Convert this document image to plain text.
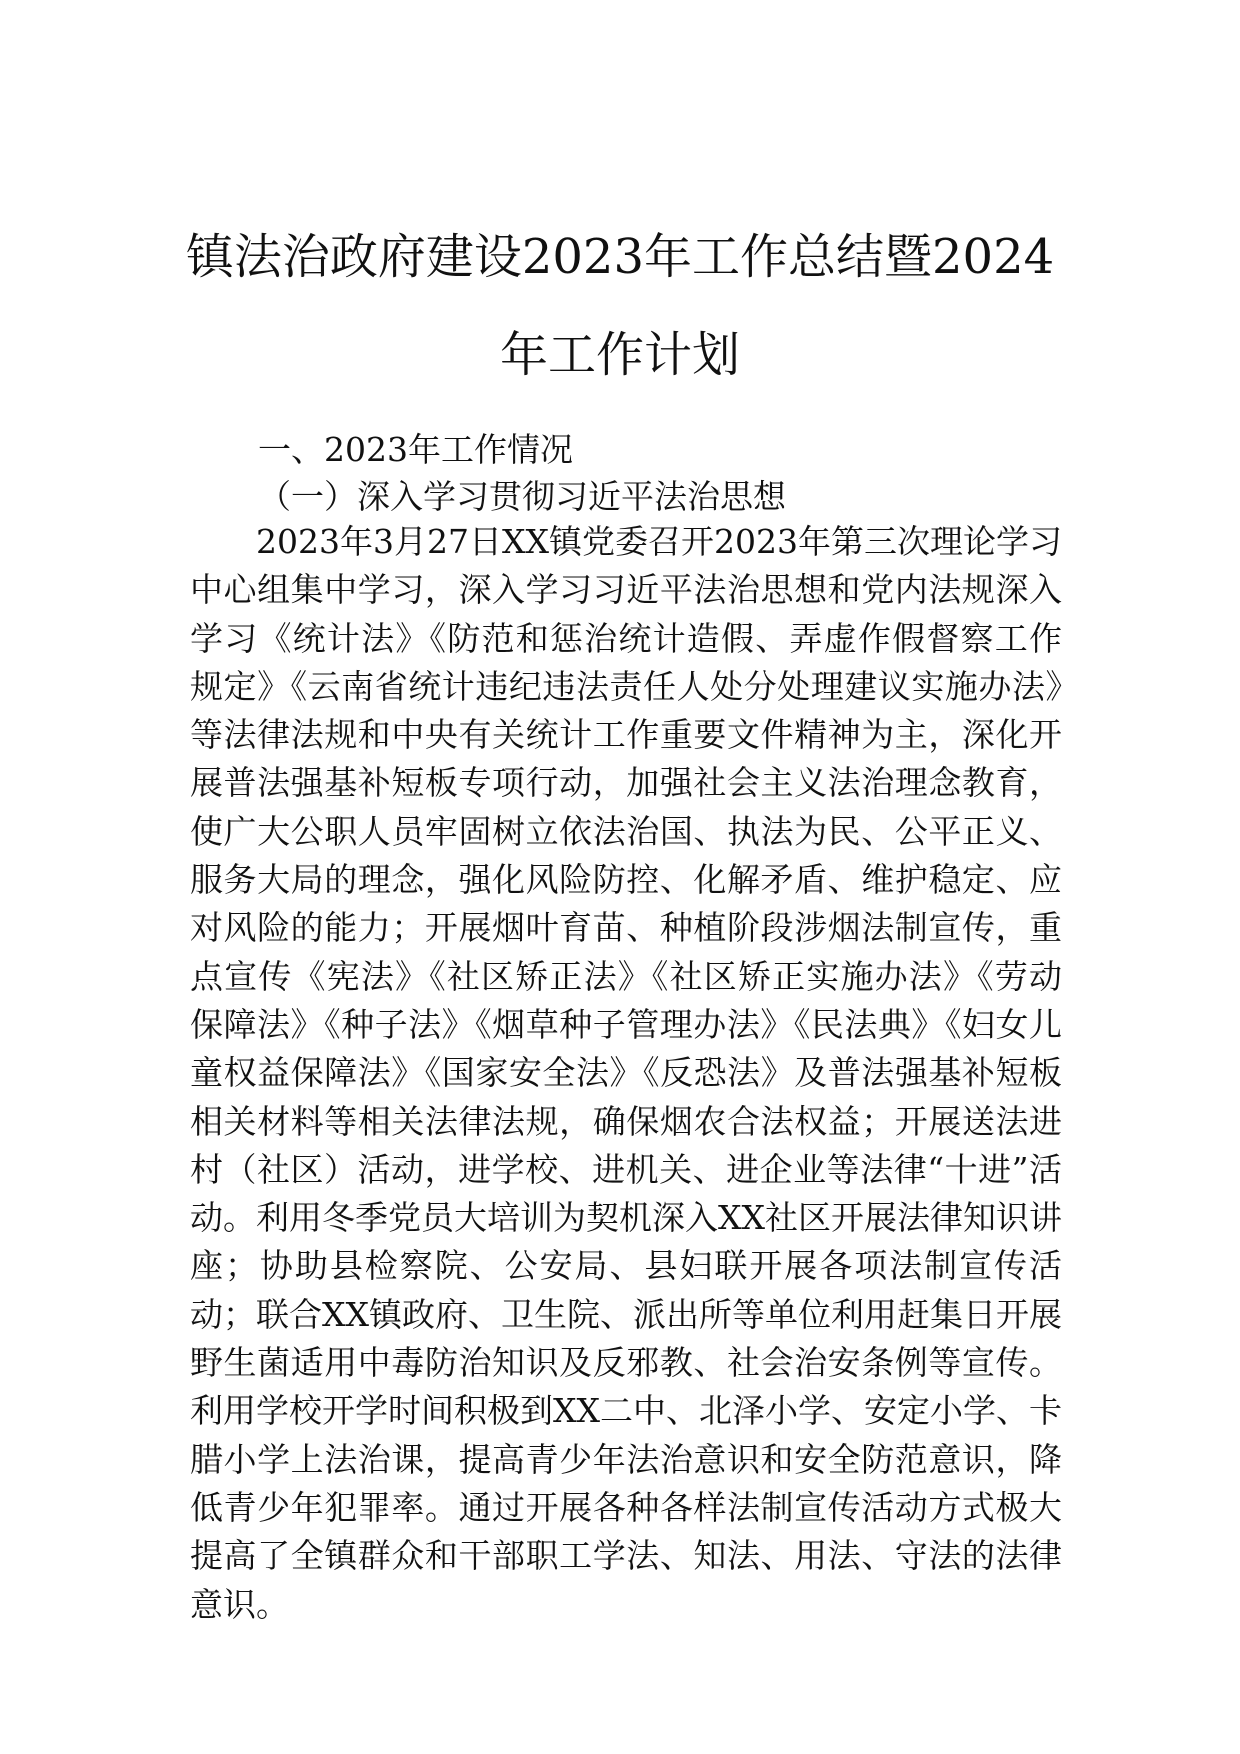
镇法治政府建设2023年工作总结暨2024年工作计划

一、2023年工作情况

（一）深入学习贯彻习近平法治思想

2023年3月27日XX镇党委召开2023年第三次理论学习中心组集中学习，深入学习习近平法治思想和党内法规深入学习《统计法》《防范和惩治统计造假、弄虚作假督察工作规定》《云南省统计违纪违法责任人处分处理建议实施办法》等法律法规和中央有关统计工作重要文件精神为主，深化开展普法强基补短板专项行动，加强社会主义法治理念教育，使广大公职人员牢固树立依法治国、执法为民、公平正义、服务大局的理念，强化风险防控、化解矛盾、维护稳定、应对风险的能力；开展烟叶育苗、种植阶段涉烟法制宣传，重点宣传《宪法》《社区矫正法》《社区矫正实施办法》《劳动保障法》《种子法》《烟草种子管理办法》《民法典》《妇女儿童权益保障法》《国家安全法》《反恐法》及普法强基补短板相关材料等相关法律法规，确保烟农合法权益；开展送法进村（社区）活动，进学校、进机关、进企业等法律“十进”活动。利用冬季党员大培训为契机深入XX社区开展法律知识讲座；协助县检察院、公安局、县妇联开展各项法制宣传活动；联合XX镇政府、卫生院、派出所等单位利用赶集日开展野生菌适用中毒防治知识及反邪教、社会治安条例等宣传。利用学校开学时间积极到XX二中、北泽小学、安定小学、卡腊小学上法治课，提高青少年法治意识和安全防范意识，降低青少年犯罪率。通过开展各种各样法制宣传活动方式极大提高了全镇群众和干部职工学法、知法、用法、守法的法律意识。
